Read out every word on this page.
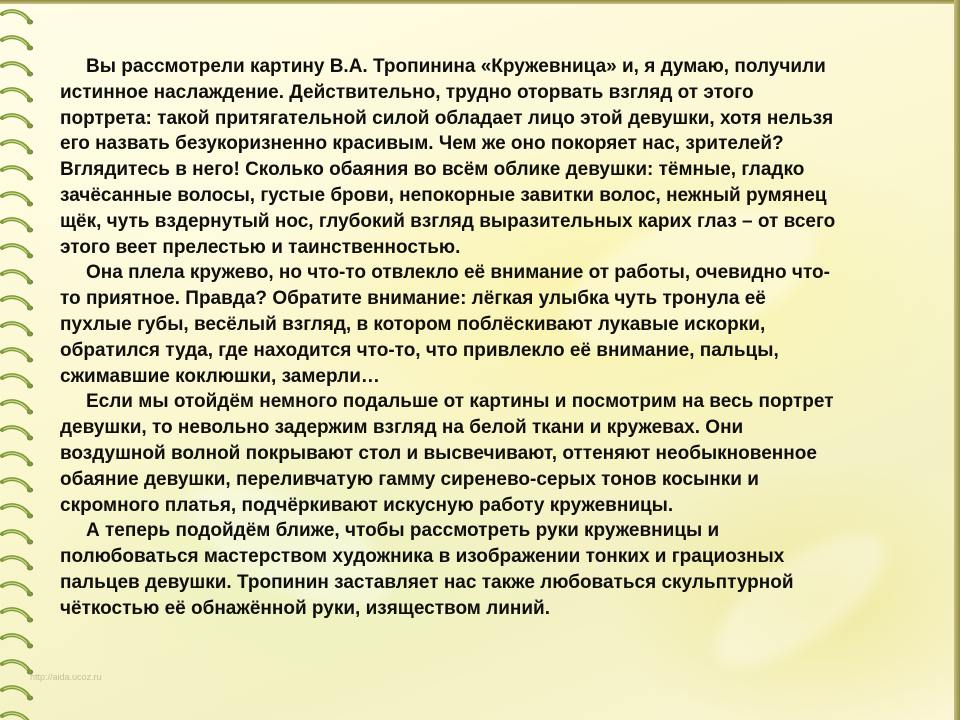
Вы рассмотрели картину В.А. Тропинина «Кружевница» и, я думаю, получили
истинное наслаждение. Действительно, трудно оторвать взгляд от этого
портрета: такой притягательной силой обладает лицо этой девушки, хотя нельзя
его назвать безукоризненно красивым. Чем же оно покоряет нас, зрителей?
Вглядитесь в него! Сколько обаяния во всём облике девушки: тёмные, гладко
зачёсанные волосы, густые брови, непокорные завитки волос, нежный румянец
щёк, чуть вздернутый нос, глубокий взгляд выразительных карих глаз – от всего
этого веет прелестью и таинственностью.

Она плела кружево, но что-то отвлекло её внимание от работы, очевидно что-
то приятное. Правда? Обратите внимание: лёгкая улыбка чуть тронула её
пухлые губы, весёлый взгляд, в котором поблёскивают лукавые искорки,
обратился туда, где находится что-то, что привлекло её внимание, пальцы,
сжимавшие коклюшки, замерли…

Если мы отойдём немного подальше от картины и посмотрим на весь портрет
девушки, то невольно задержим взгляд на белой ткани и кружевах. Они
воздушной волной покрывают стол и высвечивают, оттеняют необыкновенное
обаяние девушки, переливчатую гамму сиренево-серых тонов косынки и
скромного платья, подчёркивают искусную работу кружевницы.

А теперь подойдём ближе, чтобы рассмотреть руки кружевницы и
полюбоваться мастерством художника в изображении тонких и грациозных
пальцев девушки. Тропинин заставляет нас также любоваться скульптурной
чёткостью её обнажённой руки, изяществом линий.

http://aida.ucoz.ru
